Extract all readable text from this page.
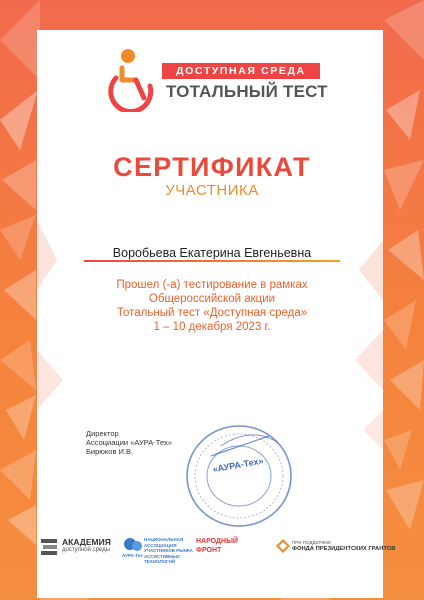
ДОСТУПНАЯ СРЕДА
ТОТАЛЬНЫЙ ТЕСТ
СЕРТИФИКАТ
УЧАСТНИКА
Воробьева Екатерина Евгеньевна
Прошел (-а) тестирование в рамках
Общероссийской акции
Тотальный тест «Доступная среда»
1 – 10 декабря 2023 г.
Директор
Ассоциации «АУРА-Тех»
Бирюков И.В.
«АУРА-Тех»
АКАДЕМИЯ
доступной среды
АУРА-Тех
НАЦИОНАЛЬНАЯ АССОЦИАЦИЯ УЧАСТНИКОВ РЫНКА АССИСТИВНЫХ ТЕХНОЛОГИЙ
НАРОДНЫЙ
ФРОНТ
ПРИ ПОДДЕРЖКЕ
ФОНДА ПРЕЗИДЕНТСКИХ ГРАНТОВ
